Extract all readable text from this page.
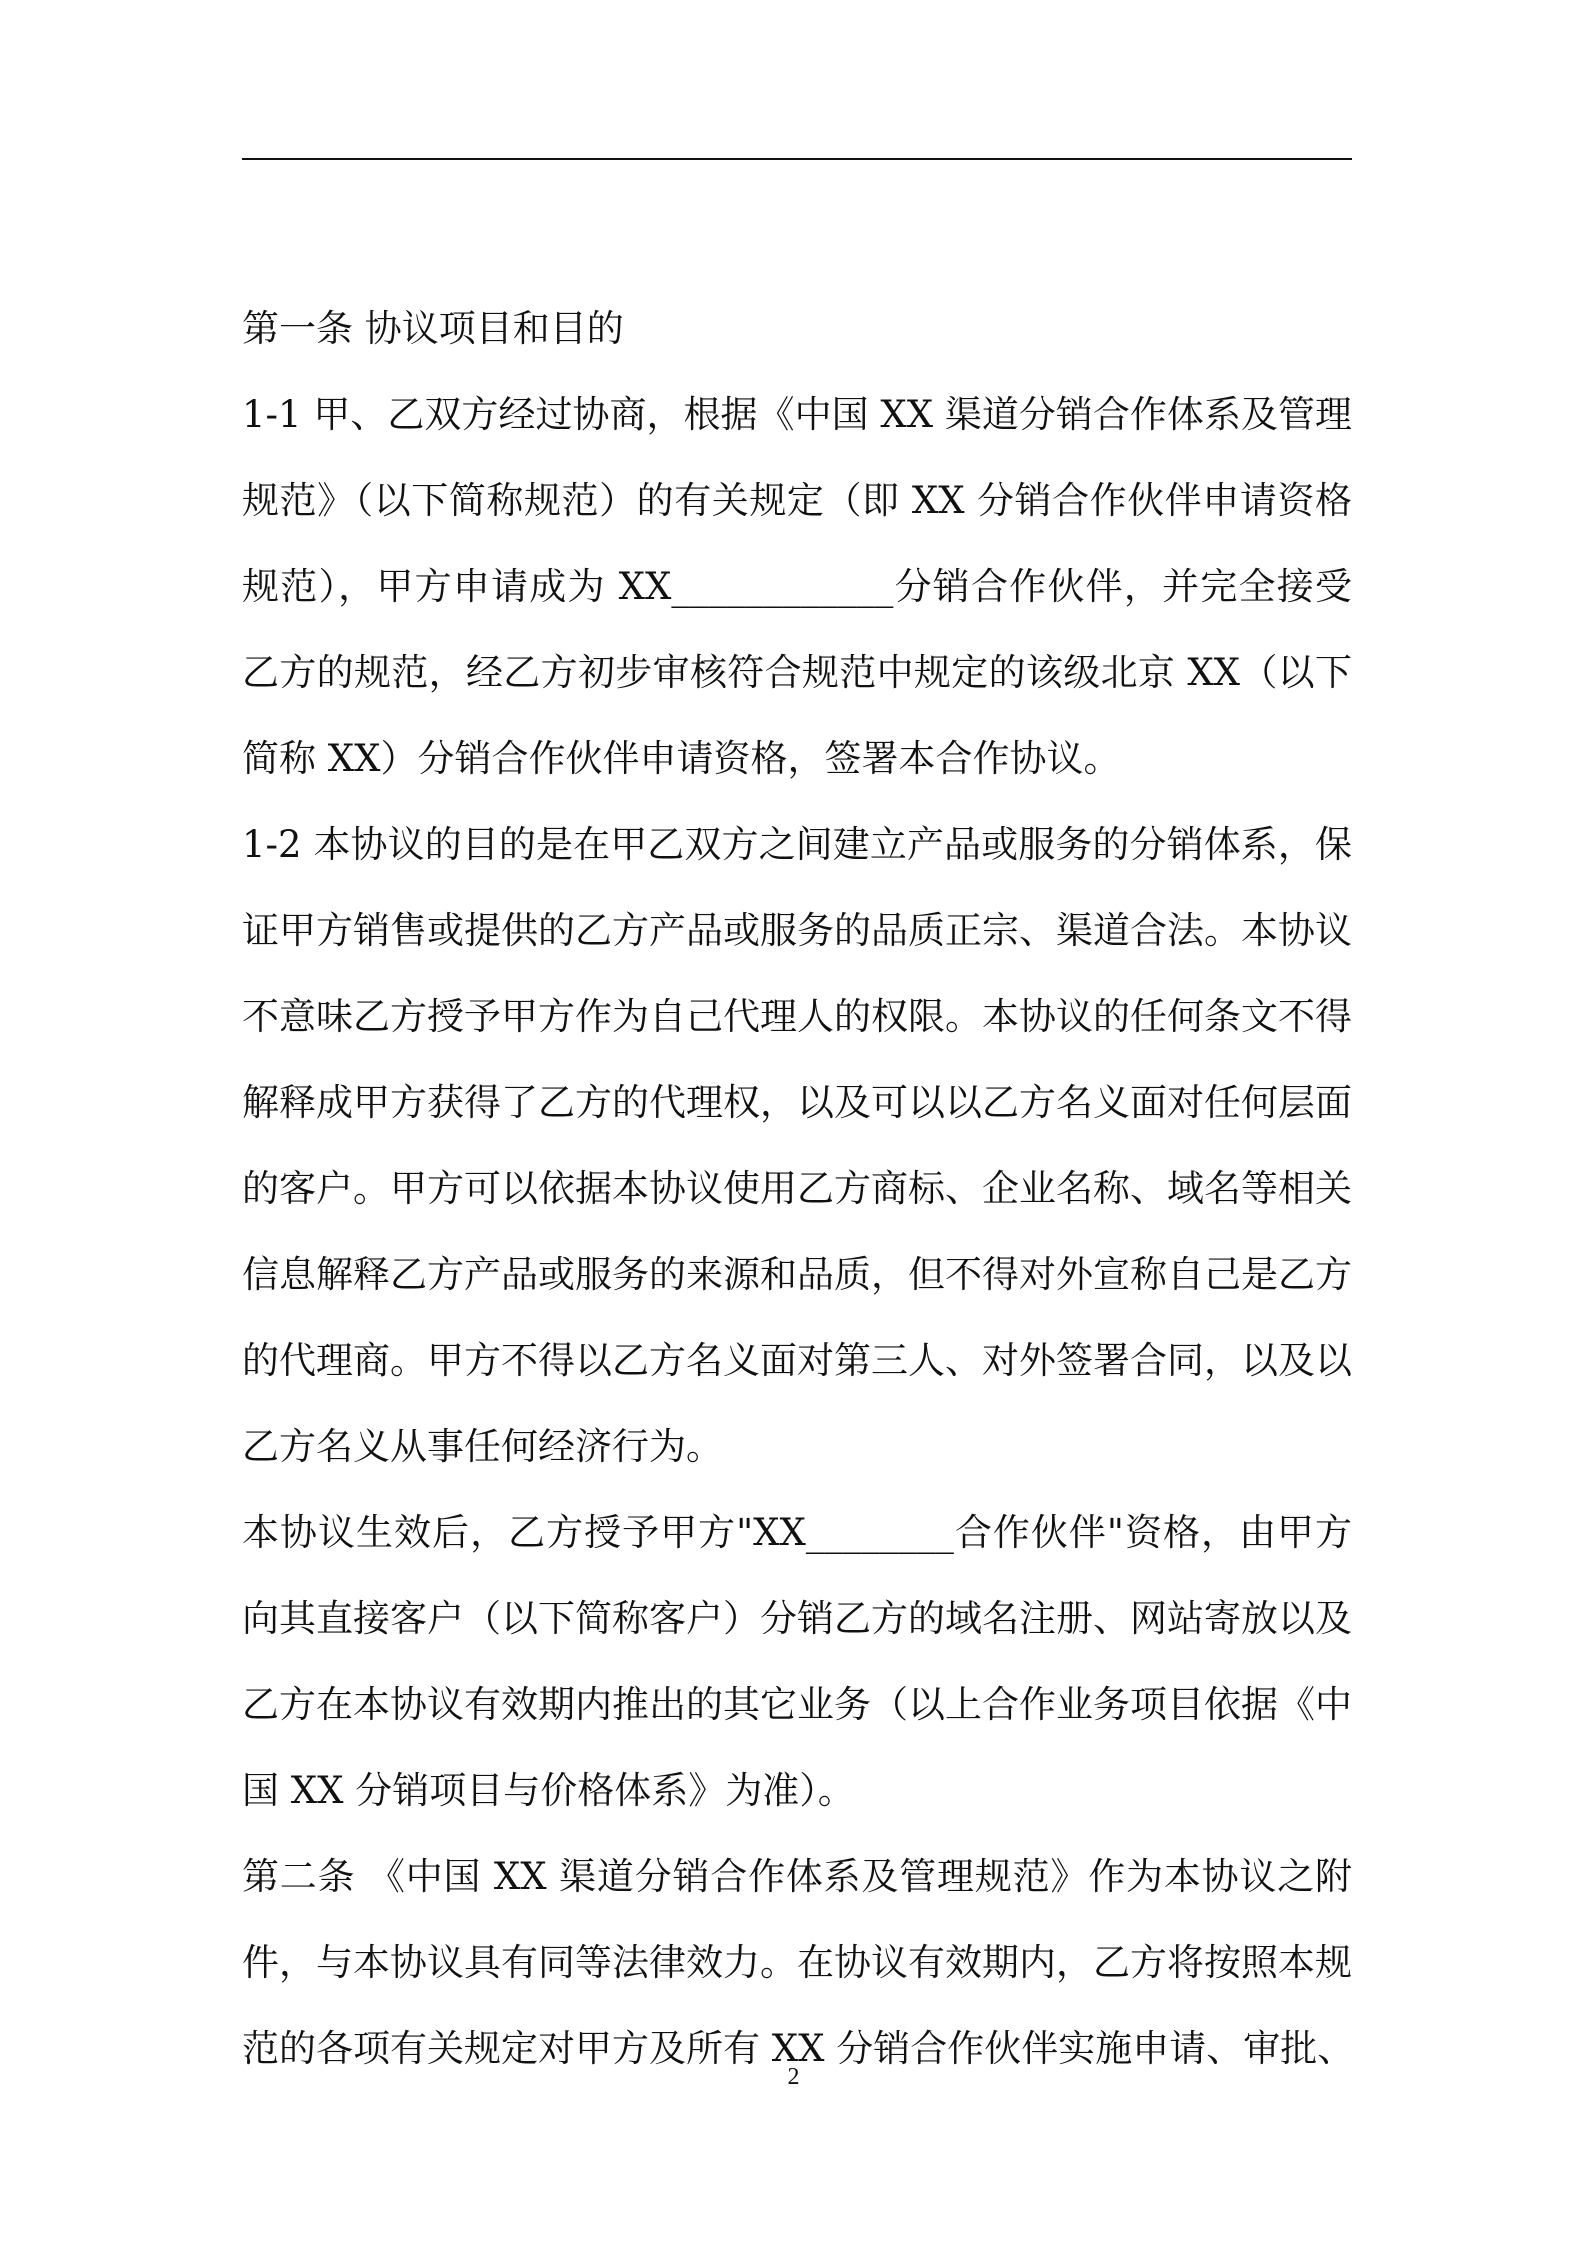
第一条 协议项目和目的
1-1 甲、乙双方经过协商，根据《中国 XX 渠道分销合作体系及管理
规范》（以下简称规范）的有关规定（即 XX 分销合作伙伴申请资格
规范），甲方申请成为 XX____________分销合作伙伴，并完全接受
乙方的规范，经乙方初步审核符合规范中规定的该级北京 XX（以下
简称 XX）分销合作伙伴申请资格，签署本合作协议。
1-2 本协议的目的是在甲乙双方之间建立产品或服务的分销体系，保
证甲方销售或提供的乙方产品或服务的品质正宗、渠道合法。本协议
不意味乙方授予甲方作为自己代理人的权限。本协议的任何条文不得
解释成甲方获得了乙方的代理权，以及可以以乙方名义面对任何层面
的客户。甲方可以依据本协议使用乙方商标、企业名称、域名等相关
信息解释乙方产品或服务的来源和品质，但不得对外宣称自己是乙方
的代理商。甲方不得以乙方名义面对第三人、对外签署合同，以及以
乙方名义从事任何经济行为。
本协议生效后，乙方授予甲方"XX________合作伙伴"资格，由甲方
向其直接客户（以下简称客户）分销乙方的域名注册、网站寄放以及
乙方在本协议有效期内推出的其它业务（以上合作业务项目依据《中
国 XX 分销项目与价格体系》为准）。
第二条 《中国 XX 渠道分销合作体系及管理规范》作为本协议之附
件，与本协议具有同等法律效力。在协议有效期内，乙方将按照本规
范的各项有关规定对甲方及所有 XX 分销合作伙伴实施申请、审批、
2
